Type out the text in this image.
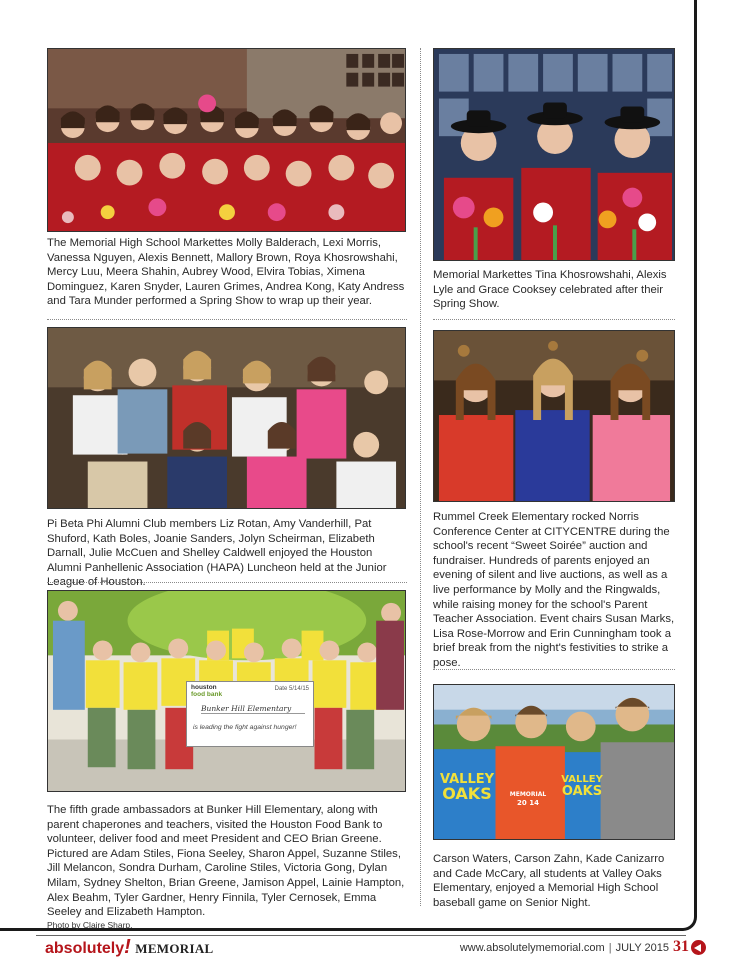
The Memorial High School Markettes Molly Balderach, Lexi Morris, Vanessa Nguyen, Alexis Bennett, Mallory Brown, Roya Khosrowshahi, Mercy Luu, Meera Shahin, Aubrey Wood, Elvira Tobias, Ximena Dominguez, Karen Snyder, Lauren Grimes, Andrea Kong, Katy Andress and Tara Munder performed a Spring Show to wrap up their year.

Memorial Markettes Tina Khosrowshahi, Alexis Lyle and Grace Cooksey celebrated after their Spring Show.

Pi Beta Phi Alumni Club members Liz Rotan, Amy Vanderhill, Pat Shuford, Kath Boles, Joanie Sanders, Jolyn Scheirman, Elizabeth Darnall, Julie McCuen and Shelley Caldwell enjoyed the Houston Alumni Panhellenic Association (HAPA) Luncheon held at the Junior League of Houston.

Rummel Creek Elementary rocked Norris Conference Center at CITYCENTRE during the school's recent “Sweet Soirée” auction and fundraiser. Hundreds of parents enjoyed an evening of silent and live auctions, as well as a live performance by Molly and the Ringwalds, while raising money for the school's Parent Teacher Association. Event chairs Susan Marks, Lisa Rose-Morrow and Erin Cunningham took a brief break from the night's festivities to strike a pose.

houston
food bank
Date 5/14/15
Bunker Hill Elementary
is leading the fight against hunger!
VALLEY
OAKS	MEMORIAL
20 14
VALLEY
OAKS

The fifth grade ambassadors at Bunker Hill Elementary, along with parent chaperones and teachers, visited the Houston Food Bank to volunteer, deliver food and meet President and CEO Brian Greene. Pictured are Adam Stiles, Fiona Seeley, Sharon Appel, Suzanne Stiles, Jill Melancon, Sondra Durham, Caroline Stiles, Victoria Gong, Dylan Milam, Sydney Shelton, Brian Greene, Jamison Appel, Lainie Hampton, Alex Beahm, Tyler Gardner, Henry Finnila, Tyler Cernosek, Emma Seeley and Elizabeth Hampton.
Photo by Claire Sharp.

Carson Waters, Carson Zahn, Kade Canizarro and Cade McCary, all students at Valley Oaks Elementary, enjoyed a Memorial High School baseball game on Senior Night.

absolutely! MEMORIAL	www.absolutelymemorial.com | JULY 2015 31
